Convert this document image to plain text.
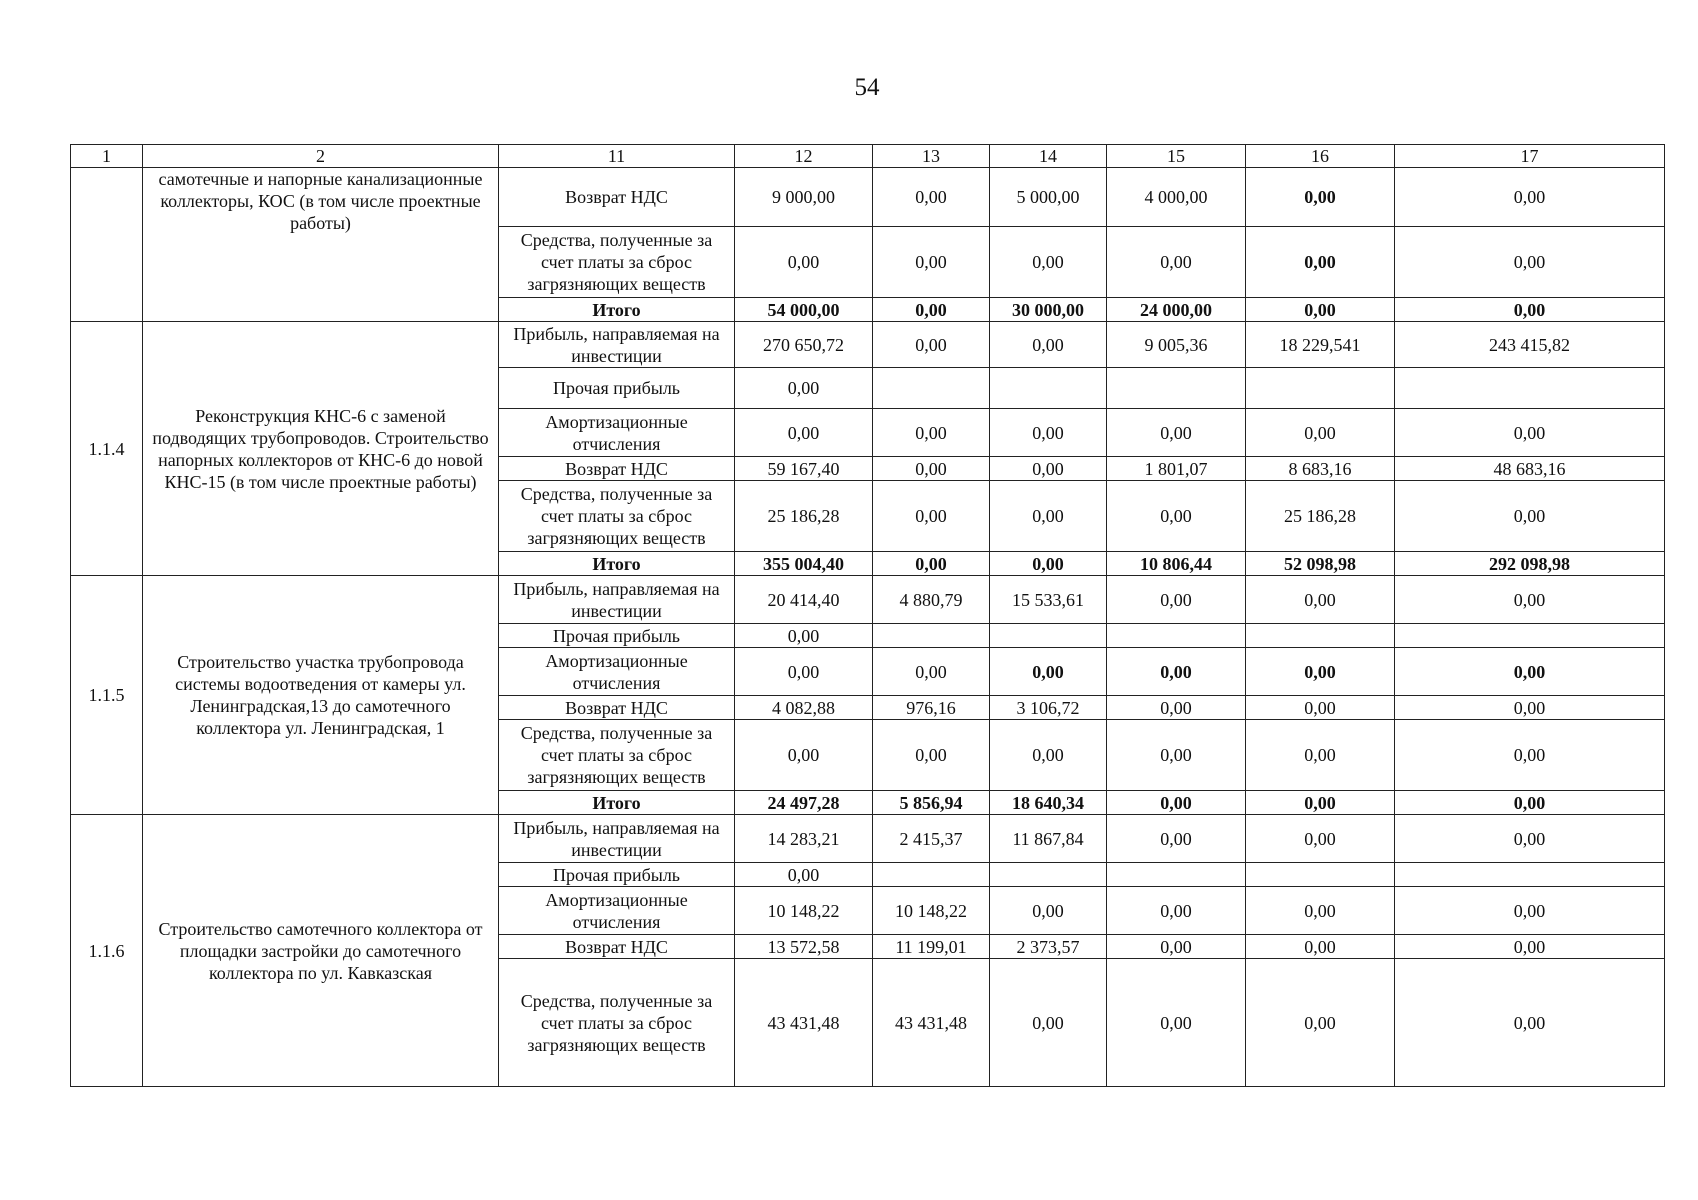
54
1	2	11	12	13	14	15	16	17
	самотечные и напорные канализационные коллекторы, КОС (в том числе проектные работы)	Возврат НДС	9 000,00	0,00	5 000,00	4 000,00	0,00	0,00
		Средства, полученные за счет платы за сброс загрязняющих веществ	0,00	0,00	0,00	0,00	0,00	0,00
		Итого	54 000,00	0,00	30 000,00	24 000,00	0,00	0,00
1.1.4	Реконструкция КНС-6 с заменой подводящих трубопроводов. Строительство напорных коллекторов от КНС-6 до новой КНС-15 (в том числе проектные работы)	Прибыль, направляемая на инвестиции	270 650,72	0,00	0,00	9 005,36	18 229,541	243 415,82
		Прочая прибыль	0,00					
		Амортизационные отчисления	0,00	0,00	0,00	0,00	0,00	0,00
		Возврат НДС	59 167,40	0,00	0,00	1 801,07	8 683,16	48 683,16
		Средства, полученные за счет платы за сброс загрязняющих веществ	25 186,28	0,00	0,00	0,00	25 186,28	0,00
		Итого	355 004,40	0,00	0,00	10 806,44	52 098,98	292 098,98
1.1.5	Строительство участка трубопровода системы водоотведения от камеры ул. Ленинградская,13 до самотечного коллектора ул. Ленинградская, 1	Прибыль, направляемая на инвестиции	20 414,40	4 880,79	15 533,61	0,00	0,00	0,00
		Прочая прибыль	0,00					
		Амортизационные отчисления	0,00	0,00	0,00	0,00	0,00	0,00
		Возврат НДС	4 082,88	976,16	3 106,72	0,00	0,00	0,00
		Средства, полученные за счет платы за сброс загрязняющих веществ	0,00	0,00	0,00	0,00	0,00	0,00
		Итого	24 497,28	5 856,94	18 640,34	0,00	0,00	0,00
1.1.6	Строительство самотечного коллектора от площадки застройки до самотечного коллектора по ул. Кавказская	Прибыль, направляемая на инвестиции	14 283,21	2 415,37	11 867,84	0,00	0,00	0,00
		Прочая прибыль	0,00					
		Амортизационные отчисления	10 148,22	10 148,22	0,00	0,00	0,00	0,00
		Возврат НДС	13 572,58	11 199,01	2 373,57	0,00	0,00	0,00
		Средства, полученные за счет платы за сброс загрязняющих веществ	43 431,48	43 431,48	0,00	0,00	0,00	0,00
